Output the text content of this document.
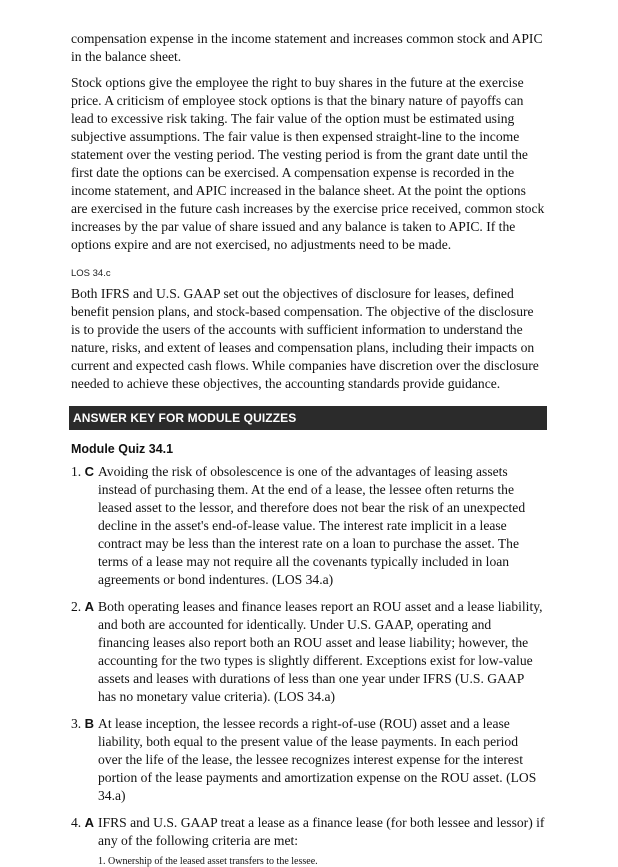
compensation expense in the income statement and increases common stock and APIC in the balance sheet.

Stock options give the employee the right to buy shares in the future at the exercise price. A criticism of employee stock options is that the binary nature of payoffs can lead to excessive risk taking. The fair value of the option must be estimated using subjective assumptions. The fair value is then expensed straight-line to the income statement over the vesting period. The vesting period is from the grant date until the first date the options can be exercised. A compensation expense is recorded in the income statement, and APIC increased in the balance sheet. At the point the options are exercised in the future cash increases by the exercise price received, common stock increases by the par value of share issued and any balance is taken to APIC. If the options expire and are not exercised, no adjustments need to be made.

LOS 34.c

Both IFRS and U.S. GAAP set out the objectives of disclosure for leases, defined benefit pension plans, and stock-based compensation. The objective of the disclosure is to provide the users of the accounts with sufficient information to understand the nature, risks, and extent of leases and compensation plans, including their impacts on current and expected cash flows. While companies have discretion over the disclosure needed to achieve these objectives, the accounting standards provide guidance.

ANSWER KEY FOR MODULE QUIZZES
Module Quiz 34.1
1. C Avoiding the risk of obsolescence is one of the advantages of leasing assets instead of purchasing them. At the end of a lease, the lessee often returns the leased asset to the lessor, and therefore does not bear the risk of an unexpected decline in the asset's end-of-lease value. The interest rate implicit in a lease contract may be less than the interest rate on a loan to purchase the asset. The terms of a lease may not require all the covenants typically included in loan agreements or bond indentures. (LOS 34.a)
2. A Both operating leases and finance leases report an ROU asset and a lease liability, and both are accounted for identically. Under U.S. GAAP, operating and financing leases also report both an ROU asset and lease liability; however, the accounting for the two types is slightly different. Exceptions exist for low-value assets and leases with durations of less than one year under IFRS (U.S. GAAP has no monetary value criteria). (LOS 34.a)
3. B At lease inception, the lessee records a right-of-use (ROU) asset and a lease liability, both equal to the present value of the lease payments. In each period over the life of the lease, the lessee recognizes interest expense for the interest portion of the lease payments and amortization expense on the ROU asset. (LOS 34.a)
4. A IFRS and U.S. GAAP treat a lease as a finance lease (for both lessee and lessor) if any of the following criteria are met:
1. Ownership of the leased asset transfers to the lessee.
